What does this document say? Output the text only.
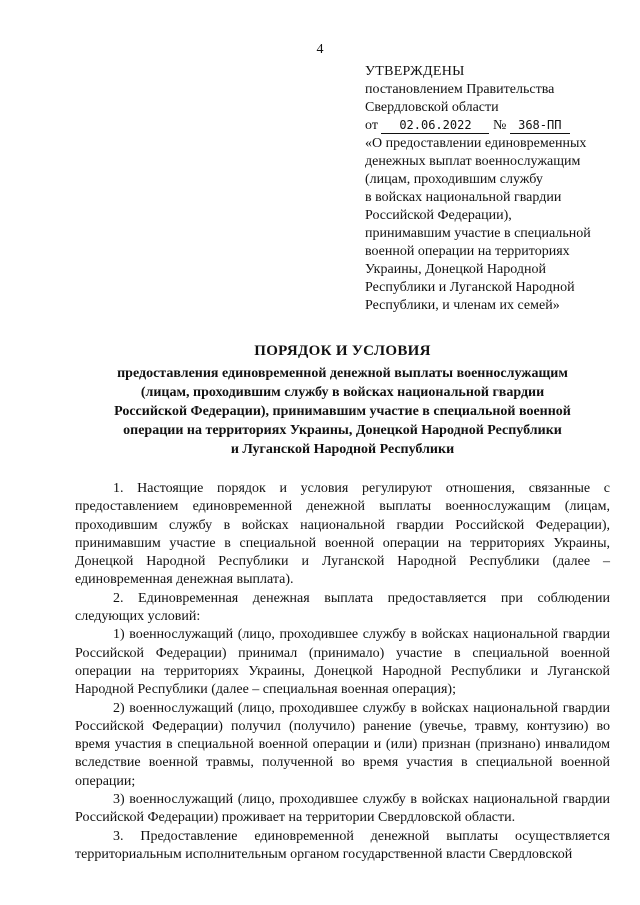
4
УТВЕРЖДЕНЫ
постановлением Правительства
Свердловской области
от 02.06.2022 № 368-ПП
«О предоставлении единовременных
денежных выплат военнослужащим
(лицам, проходившим службу
в войсках национальной гвардии
Российской Федерации),
принимавшим участие в специальной
военной операции на территориях
Украины, Донецкой Народной
Республики и Луганской Народной
Республики, и членам их семей»
ПОРЯДОК И УСЛОВИЯ
предоставления единовременной денежной выплаты военнослужащим
(лицам, проходившим службу в войсках национальной гвардии
Российской Федерации), принимавшим участие в специальной военной
операции на территориях Украины, Донецкой Народной Республики
и Луганской Народной Республики

1. Настоящие порядок и условия регулируют отношения, связанные с предоставлением единовременной денежной выплаты военнослужащим (лицам, проходившим службу в войсках национальной гвардии Российской Федерации), принимавшим участие в специальной военной операции на территориях Украины, Донецкой Народной Республики и Луганской Народной Республики (далее – единовременная денежная выплата).

2. Единовременная денежная выплата предоставляется при соблюдении следующих условий:

1) военнослужащий (лицо, проходившее службу в войсках национальной гвардии Российской Федерации) принимал (принимало) участие в специальной военной операции на территориях Украины, Донецкой Народной Республики и Луганской Народной Республики (далее – специальная военная операция);

2) военнослужащий (лицо, проходившее службу в войсках национальной гвардии Российской Федерации) получил (получило) ранение (увечье, травму, контузию) во время участия в специальной военной операции и (или) признан (признано) инвалидом вследствие военной травмы, полученной во время участия в специальной военной операции;

3) военнослужащий (лицо, проходившее службу в войсках национальной гвардии Российской Федерации) проживает на территории Свердловской области.

3. Предоставление единовременной денежной выплаты осуществляется территориальным исполнительным органом государственной власти Свердловской
